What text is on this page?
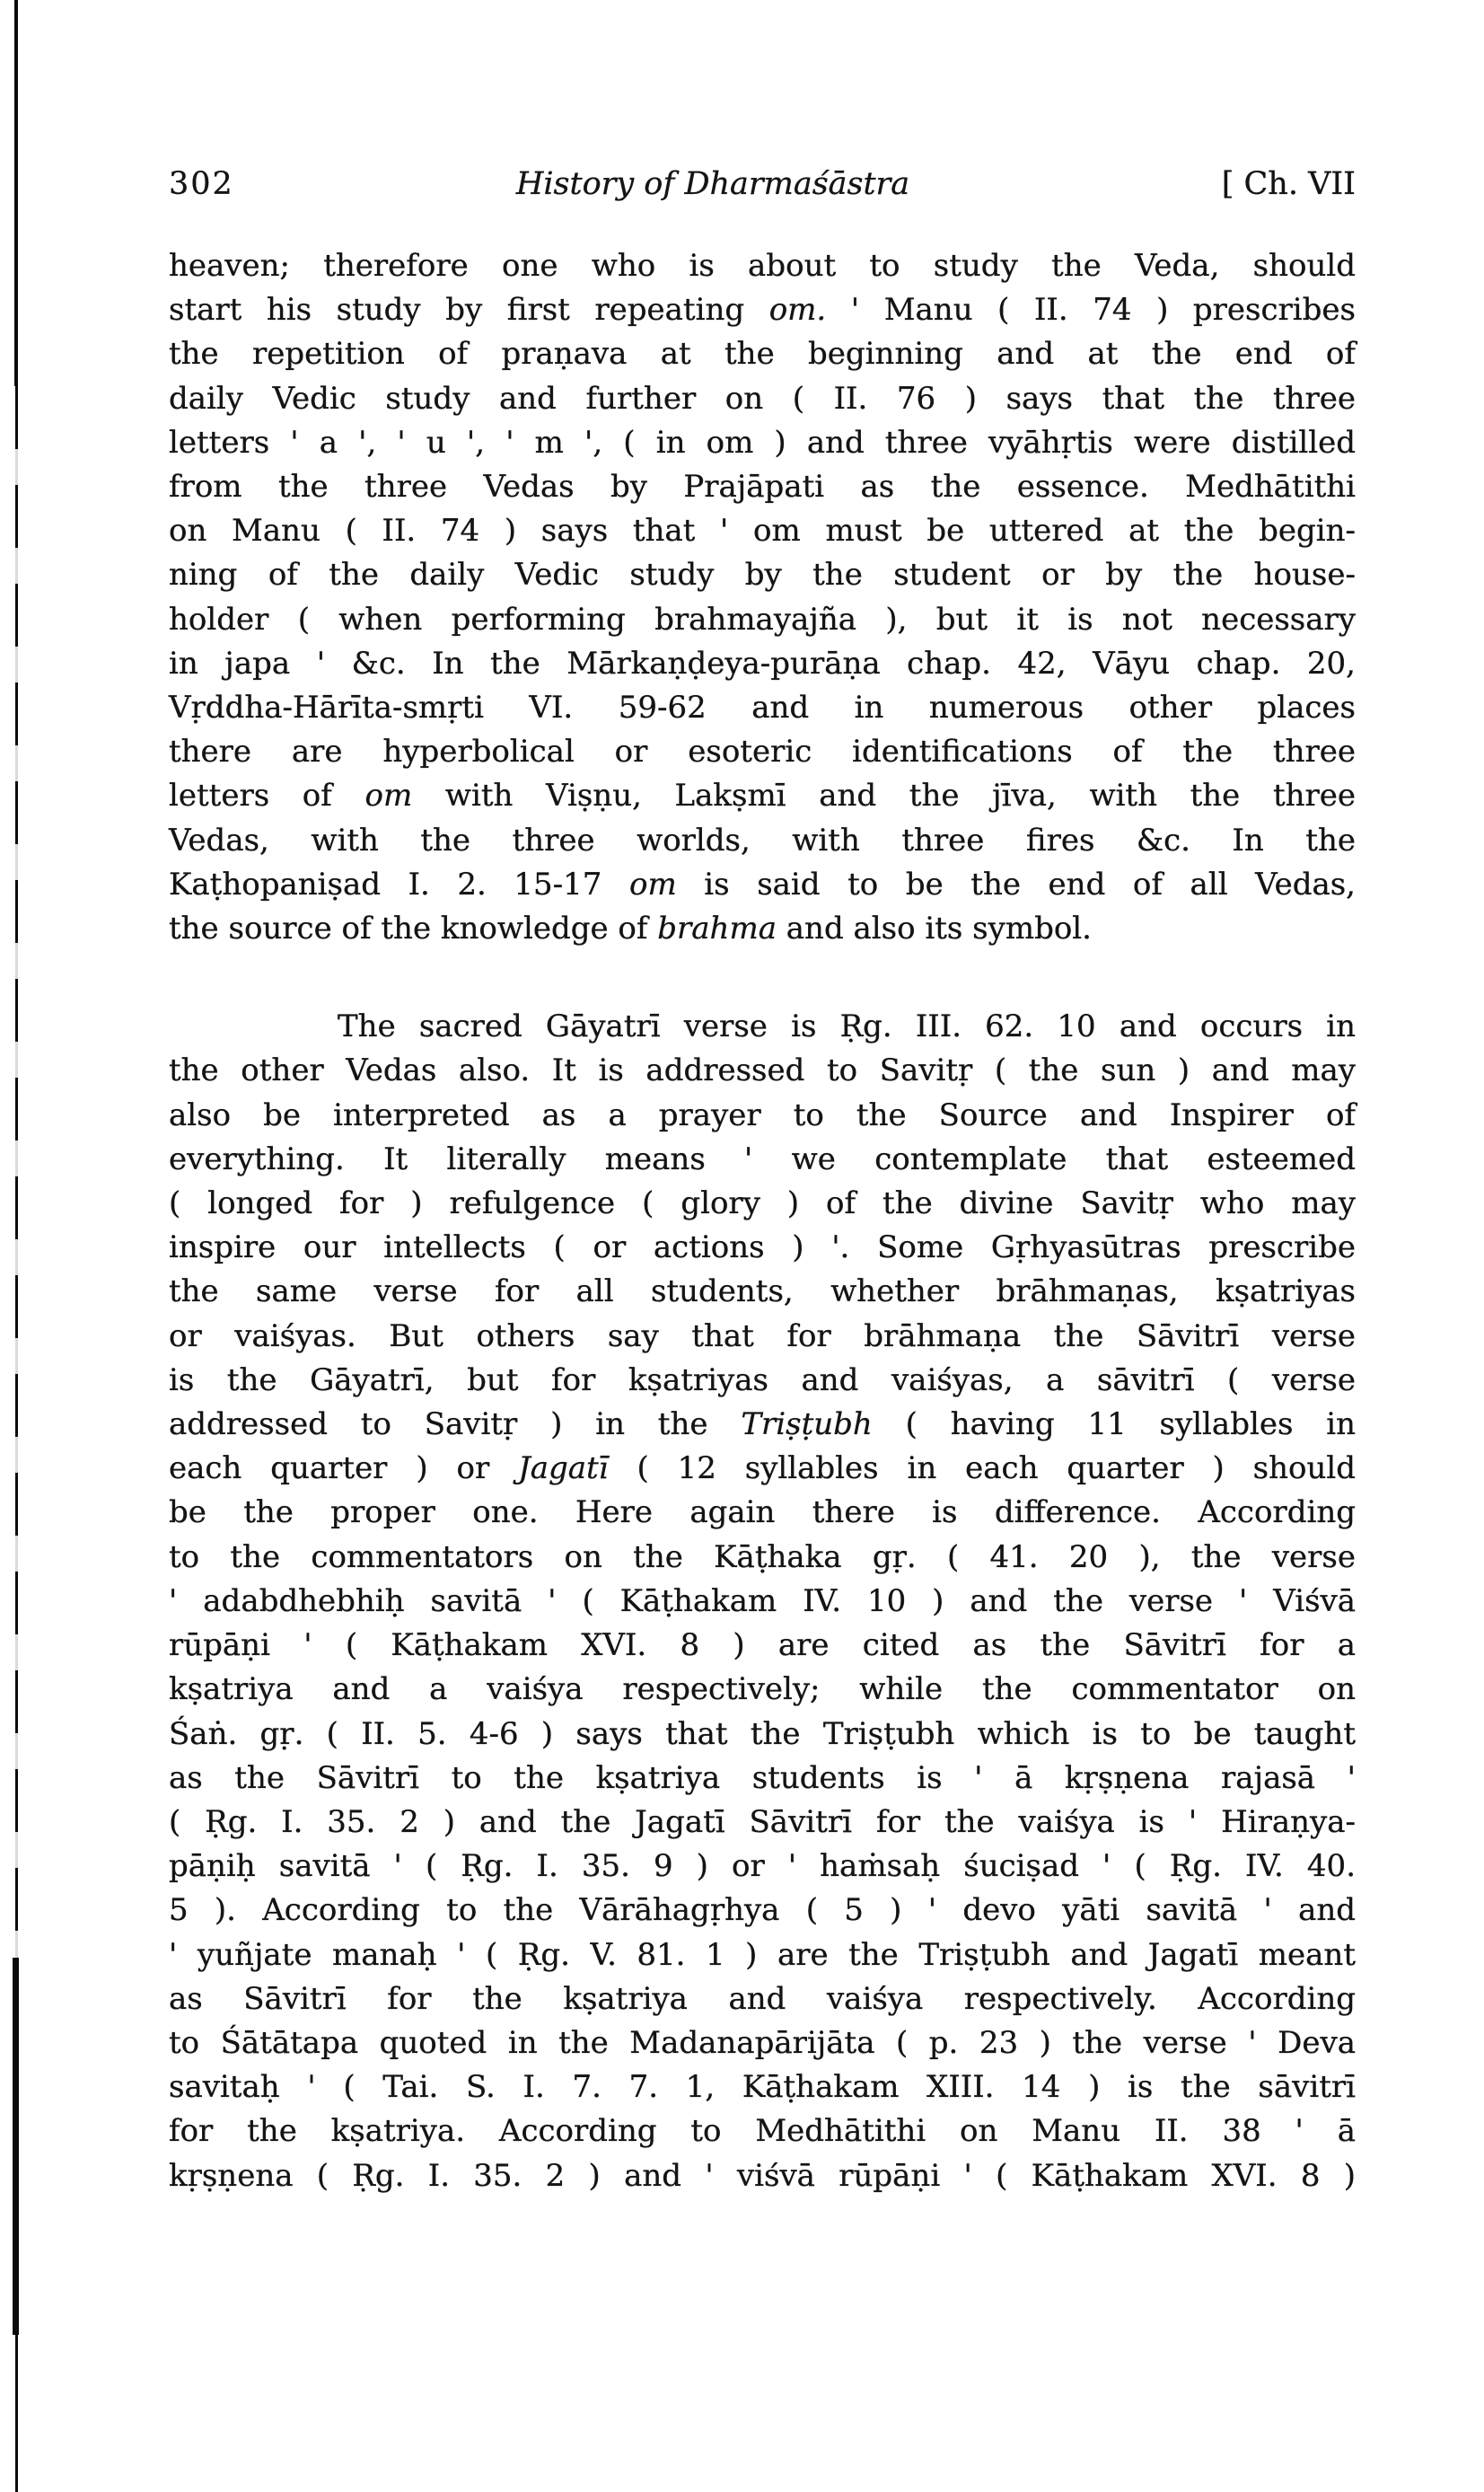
302	History of Dharmaśāstra	[ Ch. VII
heaven; therefore one who is about to study the Veda, should
start his study by first repeating om. ' Manu ( II. 74 ) prescribes
the repetition of praṇava at the beginning and at the end of
daily Vedic study and further on ( II. 76 ) says that the three
letters ' a ', ' u ', ' m ', ( in om ) and three vyāhṛtis were distilled
from the three Vedas by Prajāpati as the essence. Medhātithi
on Manu ( II. 74 ) says that ' om must be uttered at the begin-
ning of the daily Vedic study by the student or by the house-
holder ( when performing brahmayajña ), but it is not necessary
in japa ' &c. In the Mārkaṇḍeya-purāṇa chap. 42, Vāyu chap. 20,
Vṛddha-Hārīta-smṛti VI. 59-62 and in numerous other places
there are hyperbolical or esoteric identifications of the three
letters of om with Viṣṇu, Lakṣmī and the jīva, with the three
Vedas, with the three worlds, with three fires &c. In the
Kaṭhopaniṣad I. 2. 15-17 om is said to be the end of all Vedas,
the source of the knowledge of brahma and also its symbol.
The sacred Gāyatrī verse is Ṛg. III. 62. 10 and occurs in
the other Vedas also. It is addressed to Savitṛ ( the sun ) and may
also be interpreted as a prayer to the Source and Inspirer of
everything. It literally means ' we contemplate that esteemed
( longed for ) refulgence ( glory ) of the divine Savitṛ who may
inspire our intellects ( or actions ) '. Some Gṛhyasūtras prescribe
the same verse for all students, whether brāhmaṇas, kṣatriyas
or vaiśyas. But others say that for brāhmaṇa the Sāvitrī verse
is the Gāyatrī, but for kṣatriyas and vaiśyas, a sāvitrī ( verse
addressed to Savitṛ ) in the Triṣṭubh ( having 11 syllables in
each quarter ) or Jagatī ( 12 syllables in each quarter ) should
be the proper one. Here again there is difference. According
to the commentators on the Kāṭhaka gṛ. ( 41. 20 ), the verse
' adabdhebhiḥ savitā ' ( Kāṭhakam IV. 10 ) and the verse ' Viśvā
rūpāṇi ' ( Kāṭhakam XVI. 8 ) are cited as the Sāvitrī for a
kṣatriya and a vaiśya respectively; while the commentator on
Śaṅ. gṛ. ( II. 5. 4-6 ) says that the Triṣṭubh which is to be taught
as the Sāvitrī to the kṣatriya students is ' ā kṛṣṇena rajasā '
( Ṛg. I. 35. 2 ) and the Jagatī Sāvitrī for the vaiśya is ' Hiraṇya-
pāṇiḥ savitā ' ( Ṛg. I. 35. 9 ) or ' haṁsaḥ śuciṣad ' ( Ṛg. IV. 40.
5 ). According to the Vārāhagṛhya ( 5 ) ' devo yāti savitā ' and
' yuñjate manaḥ ' ( Ṛg. V. 81. 1 ) are the Triṣṭubh and Jagatī meant
as Sāvitrī for the kṣatriya and vaiśya respectively. According
to Śātātapa quoted in the Madanapārijāta ( p. 23 ) the verse ' Deva
savitaḥ ' ( Tai. S. I. 7. 7. 1, Kāṭhakam XIII. 14 ) is the sāvitrī
for the kṣatriya. According to Medhātithi on Manu II. 38 ' ā
kṛṣṇena ( Ṛg. I. 35. 2 ) and ' viśvā rūpāṇi ' ( Kāṭhakam XVI. 8 )
